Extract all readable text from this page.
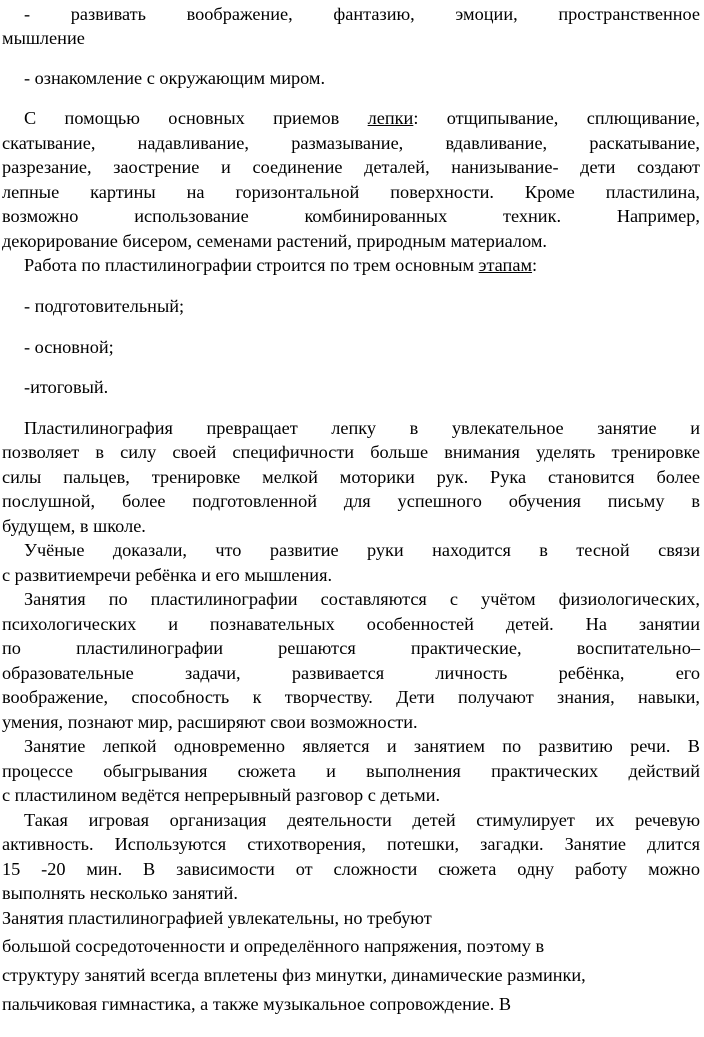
- развивать воображение, фантазию, эмоции, пространственное
мышление
- ознакомление с окружающим миром.
С помощью основных приемов лепки: отщипывание, сплющивание,
скатывание, надавливание, размазывание, вдавливание, раскатывание,
разрезание, заострение и соединение деталей, нанизывание- дети создают
лепные картины на горизонтальной поверхности. Кроме пластилина,
возможно использование комбинированных техник. Например,
декорирование бисером, семенами растений, природным материалом.
Работа по пластилинографии строится по трем основным этапам:
- подготовительный;
- основной;
-итоговый.
Пластилинография превращает лепку в увлекательное занятие и
позволяет в силу своей специфичности больше внимания уделять тренировке
силы пальцев, тренировке мелкой моторики рук. Рука становится более
послушной, более подготовленной для успешного обучения письму в
будущем, в школе.
Учёные доказали, что развитие руки находится в тесной связи
с развитиемречи ребёнка и его мышления.
Занятия по пластилинографии составляются с учётом физиологических,
психологических и познавательных особенностей детей. На занятии
по пластилинографии решаются практические, воспитательно–
образовательные задачи, развивается личность ребёнка, его
воображение, способность к творчеству. Дети получают знания, навыки,
умения, познают мир, расширяют свои возможности.
Занятие лепкой одновременно является и занятием по развитию речи. В
процессе обыгрывания сюжета и выполнения практических действий
с пластилином ведётся непрерывный разговор с детьми.
Такая игровая организация деятельности детей стимулирует их речевую
активность. Используются стихотворения, потешки, загадки. Занятие длится
15 -20 мин. В зависимости от сложности сюжета одну работу можно
выполнять несколько занятий.
Занятия пластилинографией увлекательны, но требуют
большой сосредоточенности и определённого напряжения, поэтому в
структуру занятий всегда вплетены физ минутки, динамические разминки,
пальчиковая гимнастика, а также музыкальное сопровождение. В
